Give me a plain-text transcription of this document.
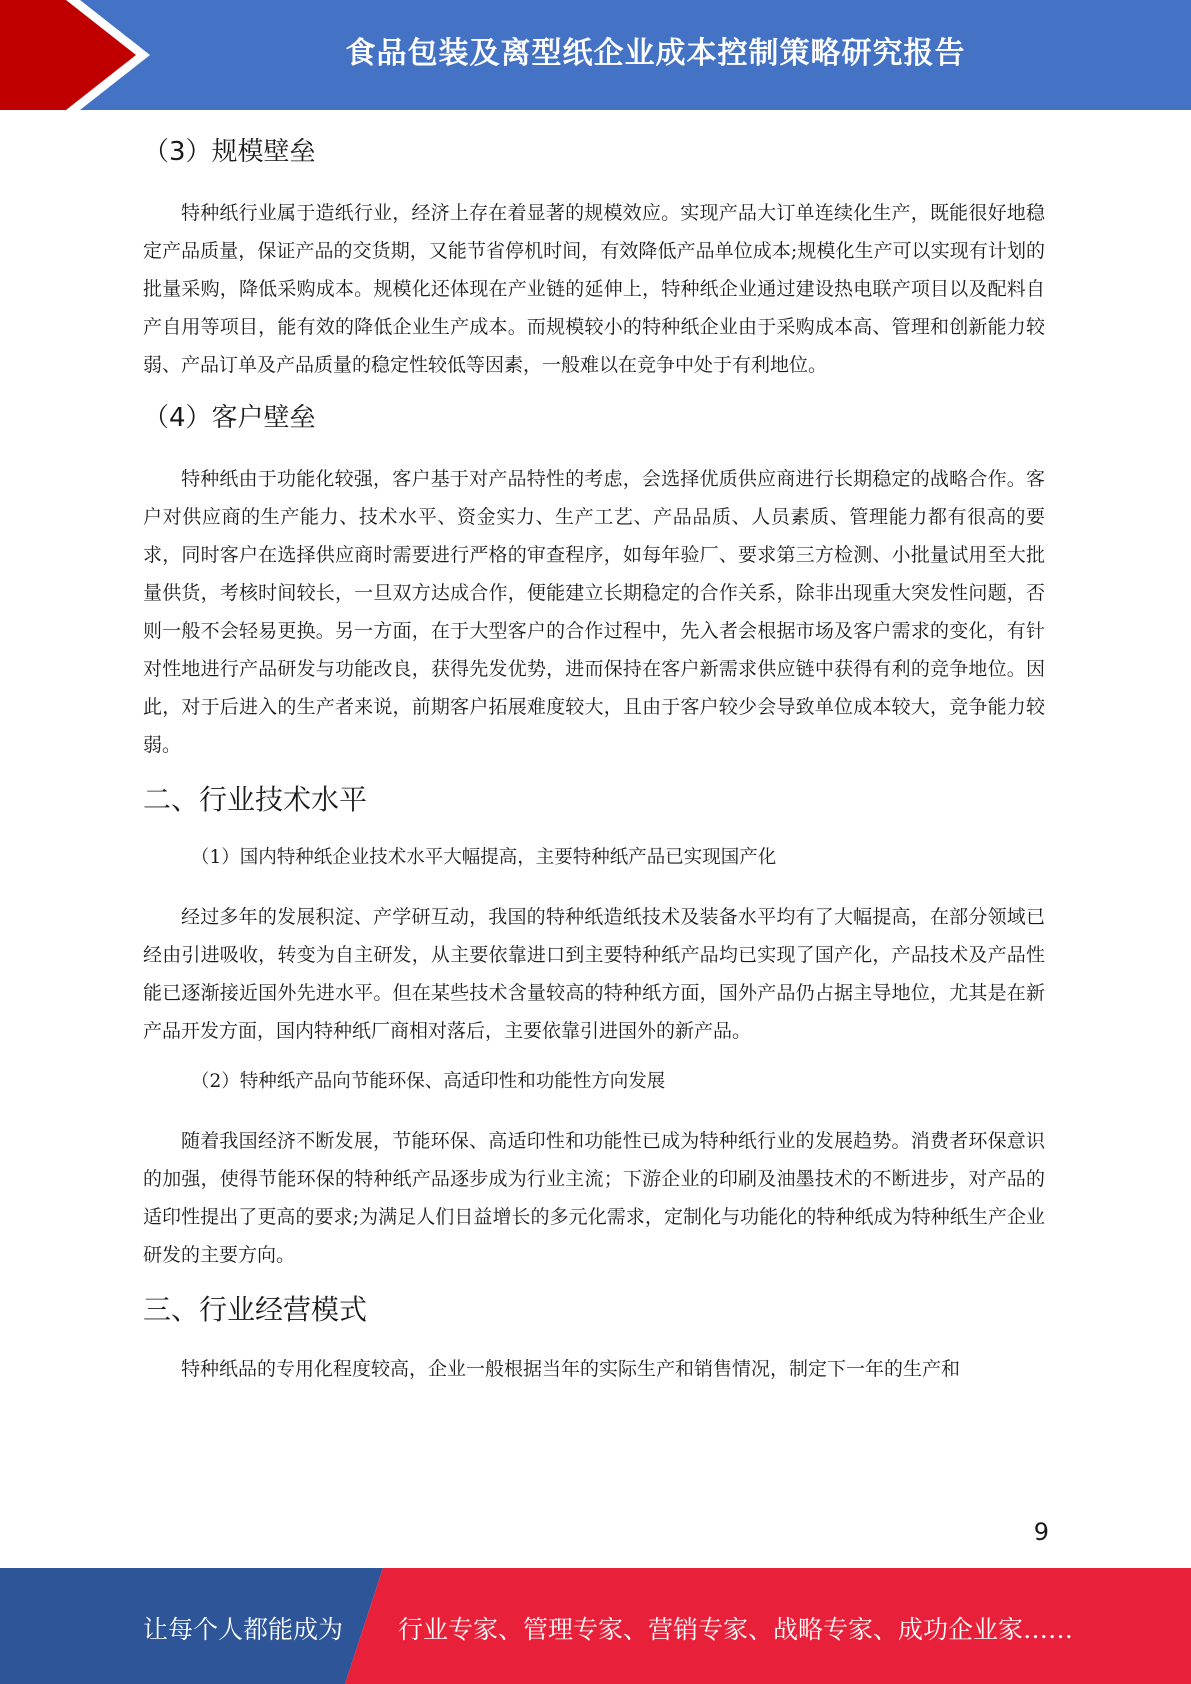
食品包装及离型纸企业成本控制策略研究报告
（3）规模壁垒

特种纸行业属于造纸行业，经济上存在着显著的规模效应。实现产品大订单连续化生产，既能很好地稳定产品质量，保证产品的交货期，又能节省停机时间，有效降低产品单位成本;规模化生产可以实现有计划的批量采购，降低采购成本。规模化还体现在产业链的延伸上，特种纸企业通过建设热电联产项目以及配料自产自用等项目，能有效的降低企业生产成本。而规模较小的特种纸企业由于采购成本高、管理和创新能力较弱、产品订单及产品质量的稳定性较低等因素，一般难以在竞争中处于有利地位。

（4）客户壁垒

特种纸由于功能化较强，客户基于对产品特性的考虑，会选择优质供应商进行长期稳定的战略合作。客户对供应商的生产能力、技术水平、资金实力、生产工艺、产品品质、人员素质、管理能力都有很高的要求，同时客户在选择供应商时需要进行严格的审查程序，如每年验厂、要求第三方检测、小批量试用至大批量供货，考核时间较长，一旦双方达成合作，便能建立长期稳定的合作关系，除非出现重大突发性问题，否则一般不会轻易更换。另一方面，在于大型客户的合作过程中，先入者会根据市场及客户需求的变化，有针对性地进行产品研发与功能改良，获得先发优势，进而保持在客户新需求供应链中获得有利的竞争地位。因此，对于后进入的生产者来说，前期客户拓展难度较大，且由于客户较少会导致单位成本较大，竞争能力较弱。

二、行业技术水平
（1）国内特种纸企业技术水平大幅提高，主要特种纸产品已实现国产化

经过多年的发展积淀、产学研互动，我国的特种纸造纸技术及装备水平均有了大幅提高，在部分领域已经由引进吸收，转变为自主研发，从主要依靠进口到主要特种纸产品均已实现了国产化，产品技术及产品性能已逐渐接近国外先进水平。但在某些技术含量较高的特种纸方面，国外产品仍占据主导地位，尤其是在新产品开发方面，国内特种纸厂商相对落后，主要依靠引进国外的新产品。

（2）特种纸产品向节能环保、高适印性和功能性方向发展

随着我国经济不断发展，节能环保、高适印性和功能性已成为特种纸行业的发展趋势。消费者环保意识的加强，使得节能环保的特种纸产品逐步成为行业主流；下游企业的印刷及油墨技术的不断进步，对产品的适印性提出了更高的要求;为满足人们日益增长的多元化需求，定制化与功能化的特种纸成为特种纸生产企业研发的主要方向。

三、行业经营模式

特种纸品的专用化程度较高，企业一般根据当年的实际生产和销售情况，制定下一年的生产和

9
让每个人都能成为 行业专家、管理专家、营销专家、战略专家、成功企业家……
